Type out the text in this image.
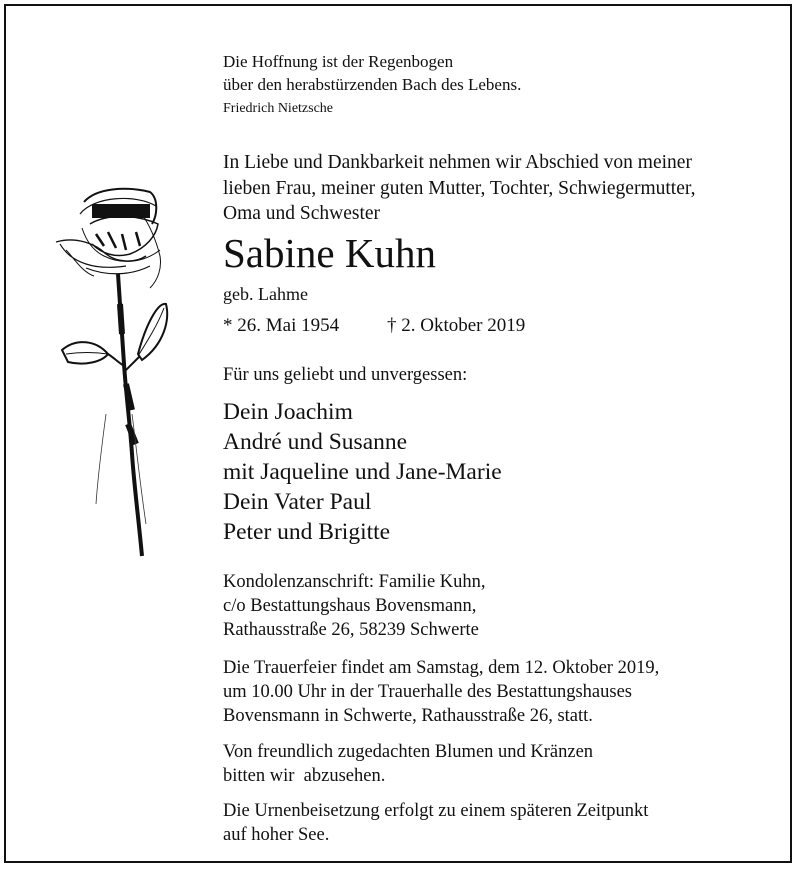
Die Hoffnung ist der Regenbogen
über den herabstürzenden Bach des Lebens.
Friedrich Nietzsche
In Liebe und Dankbarkeit nehmen wir Abschied von meiner
lieben Frau, meiner guten Mutter, Tochter, Schwiegermutter,
Oma und Schwester
Sabine Kuhn
geb. Lahme
* 26. Mai 1954	† 2. Oktober 2019
Für uns geliebt und unvergessen:
Dein Joachim
André und Susanne
mit Jaqueline und Jane-Marie
Dein Vater Paul
Peter und Brigitte
Kondolenzanschrift: Familie Kuhn,
c/o Bestattungshaus Bovensmann,
Rathausstraße 26, 58239 Schwerte
Die Trauerfeier findet am Samstag, dem 12. Oktober 2019,
um 10.00 Uhr in der Trauerhalle des Bestattungshauses
Bovensmann in Schwerte, Rathausstraße 26, statt.
Von freundlich zugedachten Blumen und Kränzen
bitten wir  abzusehen.
Die Urnenbeisetzung erfolgt zu einem späteren Zeitpunkt
auf hoher See.
